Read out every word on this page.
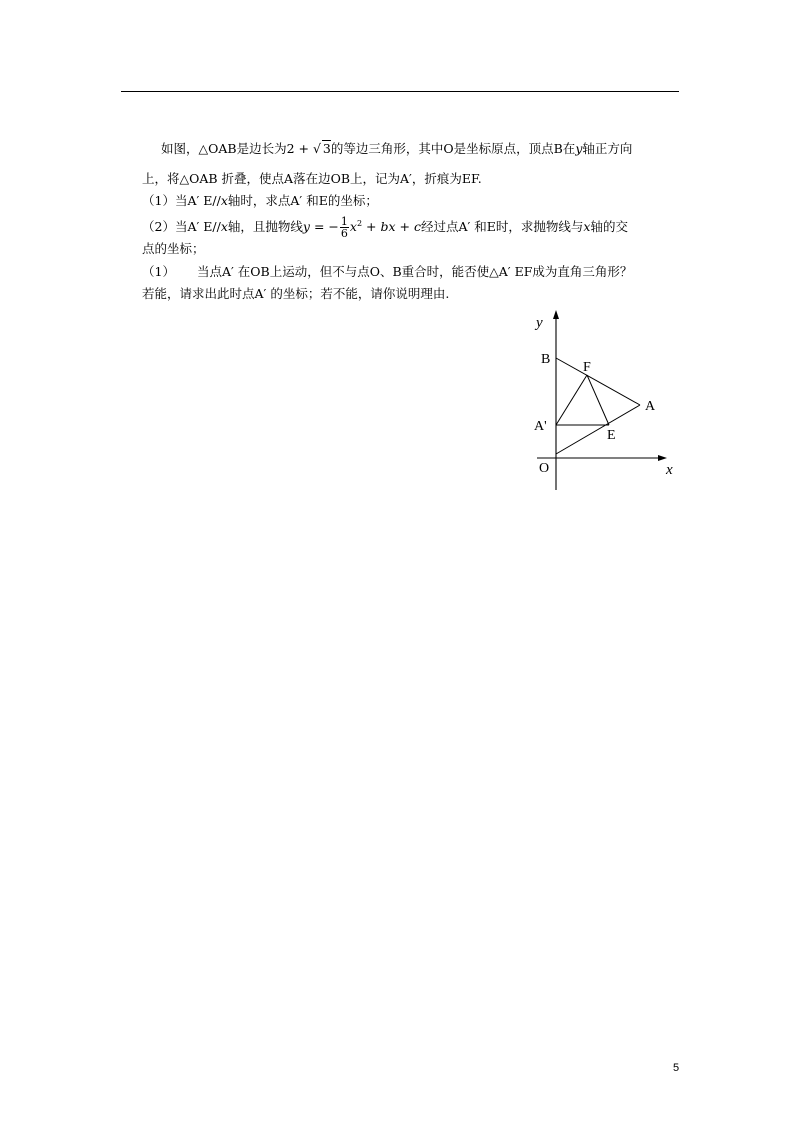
如图，△OAB是边长为2 + √ 3的等边三角形，其中O是坐标原点，顶点B在y轴正方向
上，将△OAB 折叠，使点A落在边OB上，记为A′，折痕为EF.
（1）当A′ E//x轴时，求点A′ 和E的坐标；
（2）当A′ E//x轴，且抛物线y = − $\frac{1}{6} x^2$ + bx + c经过点A′ 和E时，求抛物线与x轴的交
点的坐标；
（1） 当点A′ 在OB上运动，但不与点O、B重合时，能否使△A′ EF成为直角三角形？
若能，请求出此时点A′ 的坐标；若不能，请你说明理由.
y
x
O
B
F
A
A'
E
5
